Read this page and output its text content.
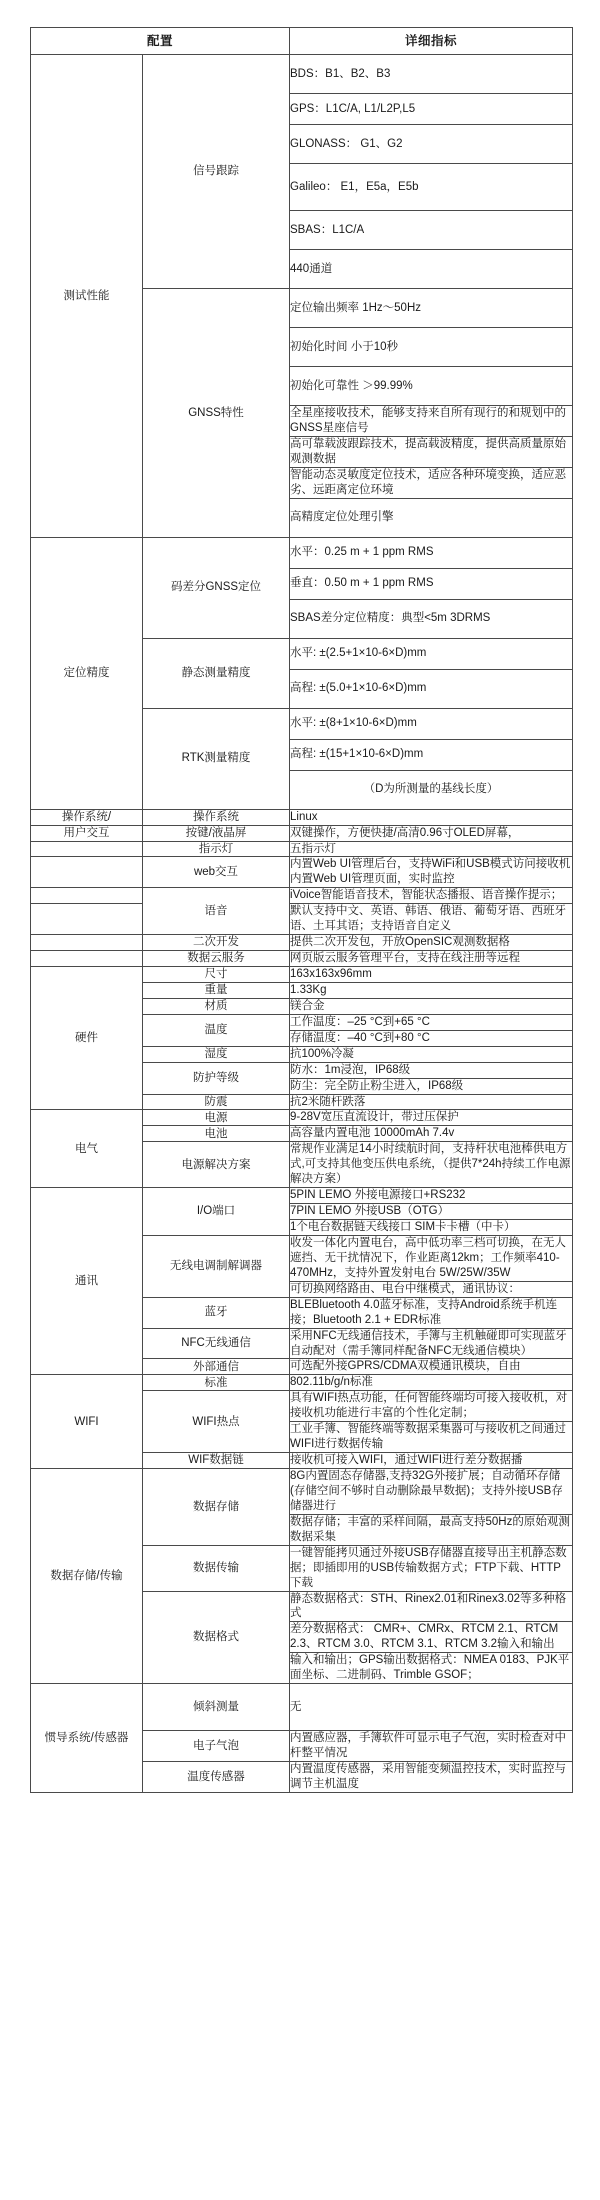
配置		详细指标
测试性能	信号跟踪	BDS：B1、B2、B3
		GPS：L1C/A, L1/L2P,L5
		GLONASS： G1、G2
		Galileo： E1，E5a，E5b
		SBAS：L1C/A
		440通道
	GNSS特性	定位输出频率 1Hz～50Hz
		初始化时间 小于10秒
		初始化可靠性 ＞99.99%
		全星座接收技术，能够支持来自所有现行的和规划中的GNSS星座信号
		高可靠载波跟踪技术，提高载波精度，提供高质量原始观测数据
		智能动态灵敏度定位技术，适应各种环境变换，适应恶劣、远距离定位环境
		高精度定位处理引擎
定位精度	码差分GNSS定位	水平：0.25 m + 1 ppm RMS
		垂直：0.50 m + 1 ppm RMS
		SBAS差分定位精度：典型<5m 3DRMS
	静态测量精度	水平: ±(2.5+1×10-6×D)mm
		高程: ±(5.0+1×10-6×D)mm
	RTK测量精度	水平: ±(8+1×10-6×D)mm
		高程: ±(15+1×10-6×D)mm
		（D为所测量的基线长度）
操作系统/	操作系统	Linux
用户交互	按键/液晶屏	双键操作，方便快捷/高清0.96寸OLED屏幕，
	指示灯	五指示灯
	web交互	内置Web UI管理后台，支持WiFi和USB模式访问接收机内置Web UI管理页面，实时监控
	语音	iVoice智能语音技术，智能状态播报、语音操作提示；
		默认支持中文、英语、韩语、俄语、葡萄牙语、西班牙语、土耳其语；支持语音自定义
	二次开发	提供二次开发包，开放OpenSIC观测数据格
	数据云服务	网页版云服务管理平台，支持在线注册等远程
硬件	尺寸	163x163x96mm
	重量	1.33Kg
	材质	镁合金
	温度	工作温度：–25 °C到+65 °C
		存储温度：–40 °C到+80 °C
	湿度	抗100%冷凝
	防护等级	防水：1m浸泡，IP68级
		防尘：完全防止粉尘进入，IP68级
	防震	抗2米随杆跌落
电气	电源	9-28V宽压直流设计，带过压保护
	电池	高容量内置电池 10000mAh 7.4v
	电源解决方案	常规作业满足14小时续航时间，支持杆状电池棒供电方式,可支持其他变压供电系统，（提供7*24h持续工作电源解决方案）
通讯	I/O端口	5PIN LEMO 外接电源接口+RS232
		7PIN LEMO 外接USB（OTG）
		1个电台数据链天线接口 SIM卡卡槽（中卡）
	无线电调制解调器	收发一体化内置电台，高中低功率三档可切换，在无人遮挡、无干扰情况下，作业距离12km；工作频率410-470MHz，支持外置发射电台 5W/25W/35W
		可切换网络路由、电台中继模式，通讯协议：
	蓝牙	BLEBluetooth 4.0蓝牙标准，支持Android系统手机连接；Bluetooth 2.1 + EDR标准
	NFC无线通信	采用NFC无线通信技术，手簿与主机触碰即可实现蓝牙自动配对（需手簿同样配备NFC无线通信模块）
	外部通信	可选配外接GPRS/CDMA双模通讯模块，自由
WIFI	标准	802.11b/g/n标准
	WIFI热点	具有WIFI热点功能，任何智能终端均可接入接收机，对接收机功能进行丰富的个性化定制；
		工业手簿、智能终端等数据采集器可与接收机之间通过WIFI进行数据传输
	WIF数据链	接收机可接入WIFI，通过WIFI进行差分数据播
数据存储/传输	数据存储	8G内置固态存储器,支持32G外接扩展；自动循环存储(存储空间不够时自动删除最早数据)；支持外接USB存储器进行
		数据存储；丰富的采样间隔，最高支持50Hz的原始观测数据采集
	数据传输	一键智能拷贝通过外接USB存储器直接导出主机静态数据；即插即用的USB传输数据方式；FTP下载、HTTP下载
	数据格式	静态数据格式：STH、Rinex2.01和Rinex3.02等多种格式
		差分数据格式： CMR+、CMRx、RTCM 2.1、RTCM 2.3、RTCM 3.0、RTCM 3.1、RTCM 3.2输入和输出
		输入和输出；GPS输出数据格式：NMEA 0183、PJK平面坐标、二进制码、Trimble GSOF；
惯导系统/传感器	倾斜测量	无
	电子气泡	内置感应器，手簿软件可显示电子气泡，实时检查对中杆整平情况
	温度传感器	内置温度传感器，采用智能变频温控技术，实时监控与调节主机温度
